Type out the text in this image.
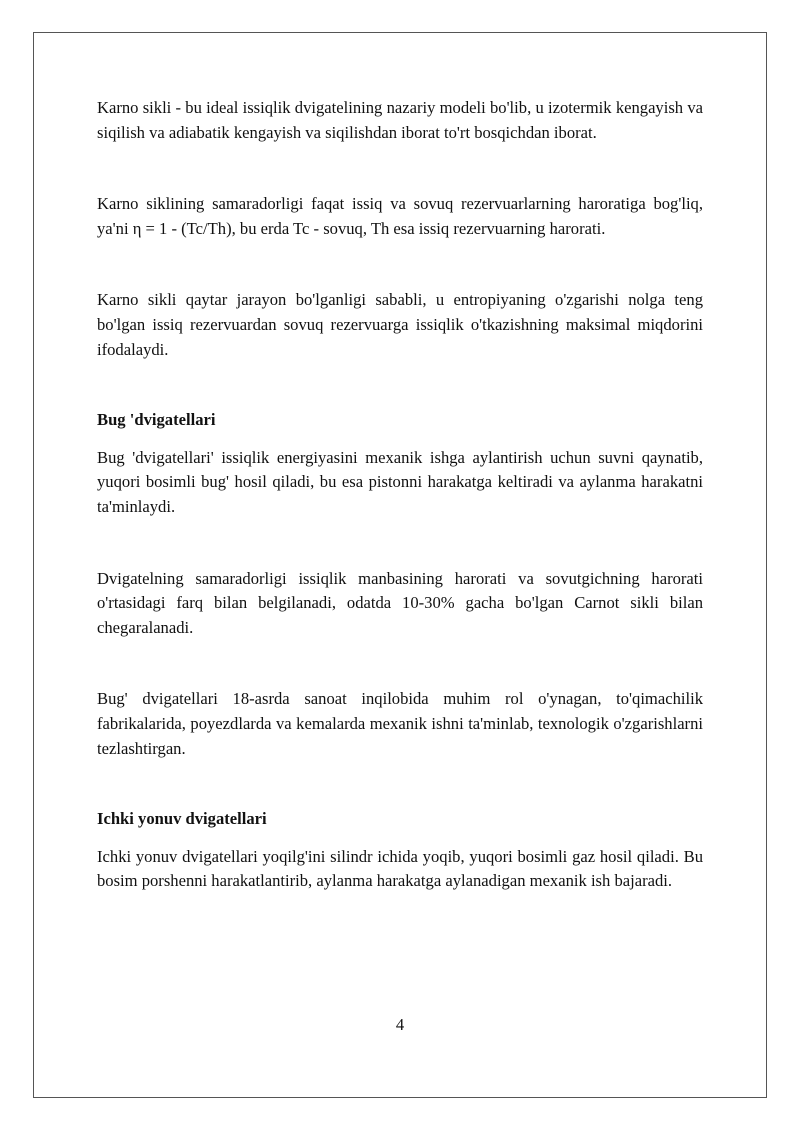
Karno sikli - bu ideal issiqlik dvigatelining nazariy modeli bo'lib, u izotermik kengayish va siqilish va adiabatik kengayish va siqilishdan iborat to'rt bosqichdan iborat.

Karno siklining samaradorligi faqat issiq va sovuq rezervuarlarning haroratiga bog'liq, ya'ni η = 1 - (Tc/Th), bu erda Tc - sovuq, Th esa issiq rezervuarning harorati.

Karno sikli qaytar jarayon bo'lganligi sababli, u entropiyaning o'zgarishi nolga teng bo'lgan issiq rezervuardan sovuq rezervuarga issiqlik o'tkazishning maksimal miqdorini ifodalaydi.

Bug 'dvigatellari

Bug 'dvigatellari' issiqlik energiyasini mexanik ishga aylantirish uchun suvni qaynatib, yuqori bosimli bug' hosil qiladi, bu esa pistonni harakatga keltiradi va aylanma harakatni ta'minlaydi.

Dvigatelning samaradorligi issiqlik manbasining harorati va sovutgichning harorati o'rtasidagi farq bilan belgilanadi, odatda 10-30% gacha bo'lgan Carnot sikli bilan chegaralanadi.

Bug' dvigatellari 18-asrda sanoat inqilobida muhim rol o'ynagan, to'qimachilik fabrikalarida, poyezdlarda va kemalarda mexanik ishni ta'minlab, texnologik o'zgarishlarni tezlashtirgan.

Ichki yonuv dvigatellari

Ichki yonuv dvigatellari yoqilg'ini silindr ichida yoqib, yuqori bosimli gaz hosil qiladi. Bu bosim porshenni harakatlantirib, aylanma harakatga aylanadigan mexanik ish bajaradi.

4
